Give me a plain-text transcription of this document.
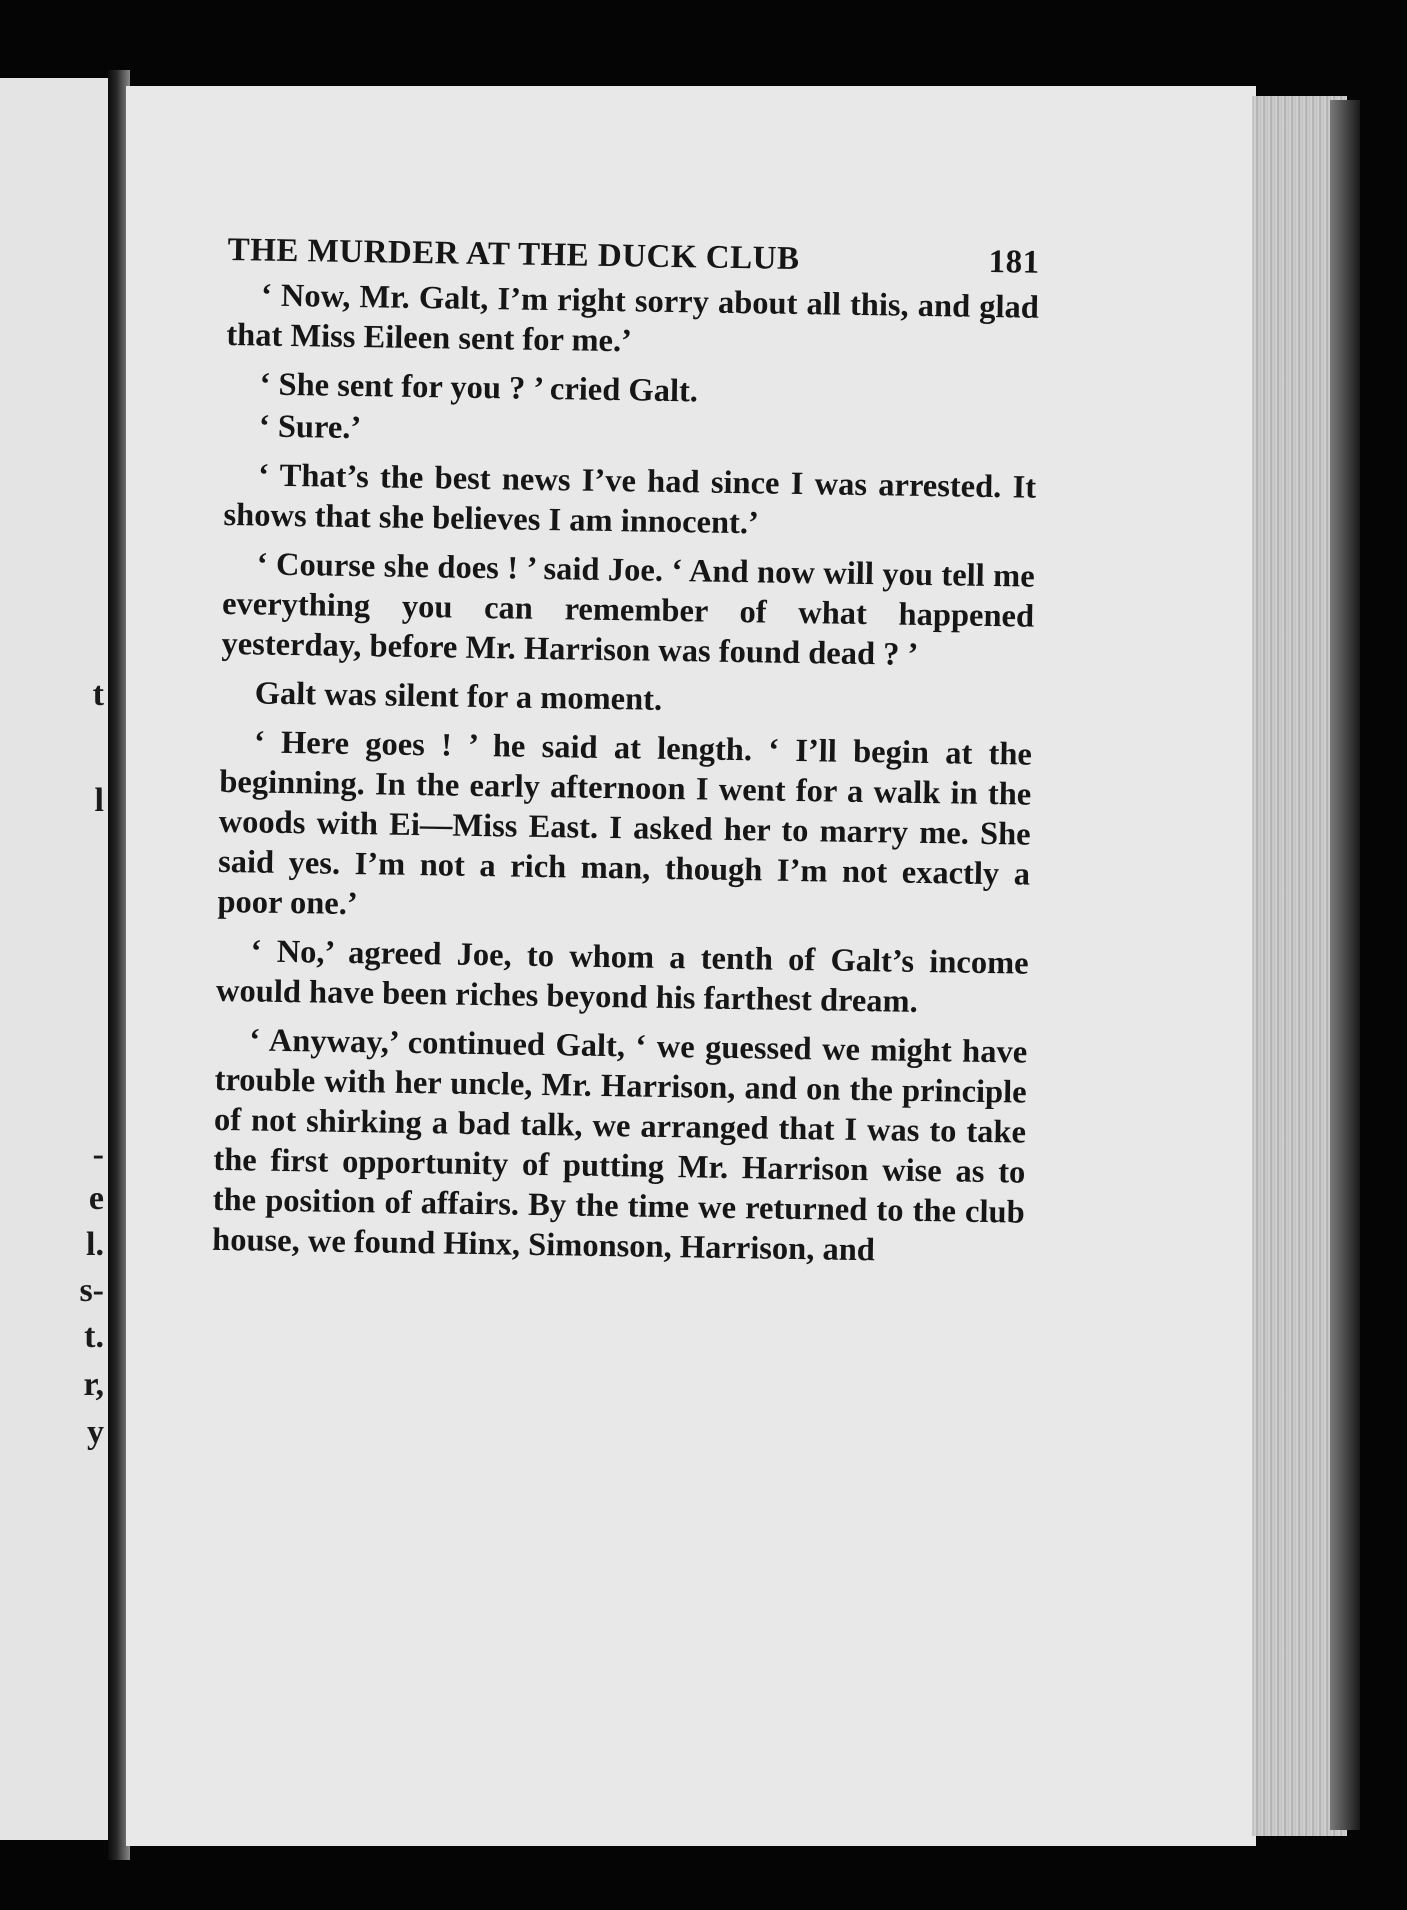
t
l
-
e
l.
s-
t.
r,
y
THE MURDER AT THE DUCK CLUB	181

‘ Now, Mr. Galt, I’m right sorry about all this, and glad that Miss Eileen sent for me.’

‘ She sent for you ? ’ cried Galt.

‘ Sure.’

‘ That’s the best news I’ve had since I was arrested. It shows that she believes I am innocent.’

‘ Course she does ! ’ said Joe. ‘ And now will you tell me everything you can remember of what happened yesterday, before Mr. Harrison was found dead ? ’

Galt was silent for a moment.

‘ Here goes ! ’ he said at length. ‘ I’ll begin at the beginning. In the early afternoon I went for a walk in the woods with Ei—Miss East. I asked her to marry me. She said yes. I’m not a rich man, though I’m not exactly a poor one.’

‘ No,’ agreed Joe, to whom a tenth of Galt’s income would have been riches beyond his farthest dream.

‘ Anyway,’ continued Galt, ‘ we guessed we might have trouble with her uncle, Mr. Harrison, and on the principle of not shirking a bad talk, we arranged that I was to take the first opportunity of putting Mr. Harrison wise as to the position of affairs. By the time we returned to the club house, we found Hinx, Simonson, Harrison, and
